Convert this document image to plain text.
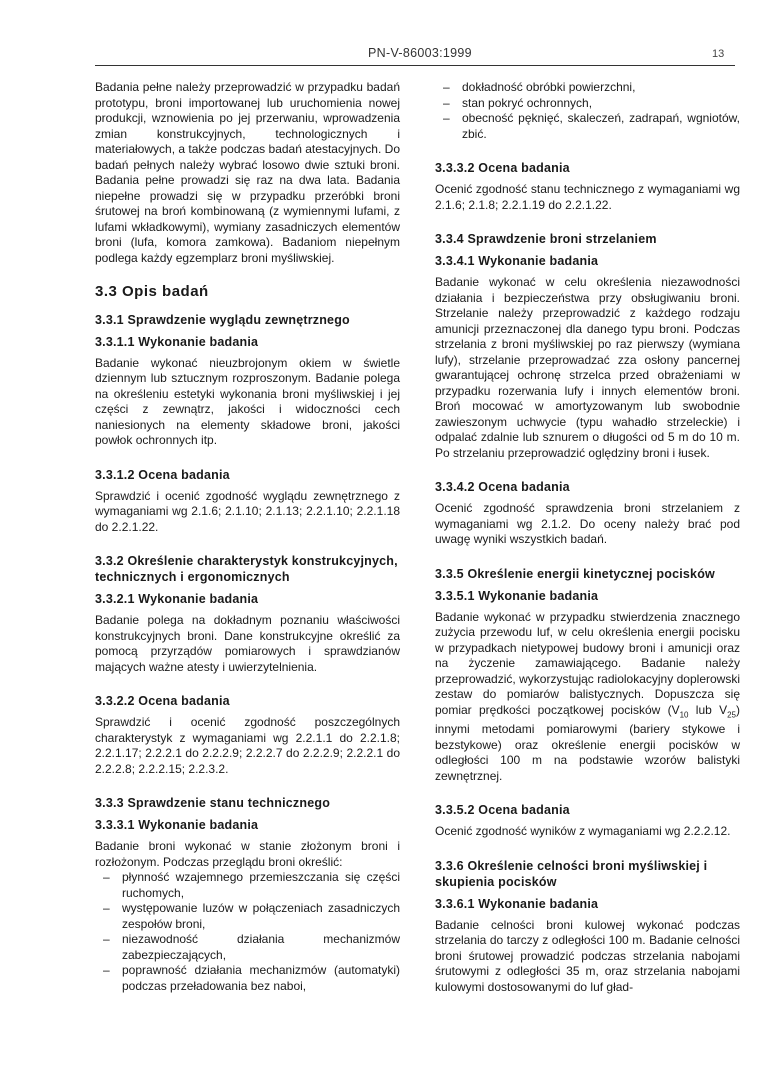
PN-V-86003:1999	13

Badania pełne należy przeprowadzić w przypadku badań prototypu, broni importowanej lub uruchomienia nowej produkcji, wznowienia po jej przerwaniu, wprowadzenia zmian konstrukcyjnych, technologicznych i materiałowych, a także podczas badań atestacyjnych. Do badań pełnych należy wybrać losowo dwie sztuki broni. Badania pełne prowadzi się raz na dwa lata. Badania niepełne prowadzi się w przypadku przeróbki broni śrutowej na broń kombinowaną (z wymiennymi lufami, z lufami wkładkowymi), wymiany zasadniczych elementów broni (lufa, komora zamkowa). Badaniom niepełnym podlega każdy egzemplarz broni myśliwskiej.

3.3 Opis badań
3.3.1 Sprawdzenie wyglądu zewnętrznego
3.3.1.1 Wykonanie badania

Badanie wykonać nieuzbrojonym okiem w świetle dziennym lub sztucznym rozproszonym. Badanie polega na określeniu estetyki wykonania broni myśliwskiej i jej części z zewnątrz, jakości i widoczności cech naniesionych na elementy składowe broni, jakości powłok ochronnych itp.

3.3.1.2 Ocena badania

Sprawdzić i ocenić zgodność wyglądu zewnętrznego z wymaganiami wg 2.1.6; 2.1.10; 2.1.13; 2.2.1.10; 2.2.1.18 do 2.2.1.22.

3.3.2 Określenie charakterystyk konstrukcyjnych, technicznych i ergonomicznych
3.3.2.1 Wykonanie badania

Badanie polega na dokładnym poznaniu właściwości konstrukcyjnych broni. Dane konstrukcyjne określić za pomocą przyrządów pomiarowych i sprawdzianów mających ważne atesty i uwierzytelnienia.

3.3.2.2 Ocena badania

Sprawdzić i ocenić zgodność poszczególnych charakterystyk z wymaganiami wg 2.2.1.1 do 2.2.1.8; 2.2.1.17; 2.2.2.1 do 2.2.2.9; 2.2.2.7 do 2.2.2.9; 2.2.2.1 do 2.2.2.8; 2.2.2.15; 2.2.3.2.

3.3.3 Sprawdzenie stanu technicznego
3.3.3.1 Wykonanie badania

Badanie broni wykonać w stanie złożonym broni i rozłożonym. Podczas przeglądu broni określić:

– płynność wzajemnego przemieszczania się części ruchomych,
– występowanie luzów w połączeniach zasadniczych zespołów broni,
– niezawodność działania mechanizmów zabezpieczających,
– poprawność działania mechanizmów (automatyki) podczas przeładowania bez naboi,
– dokładność obróbki powierzchni,
– stan pokryć ochronnych,
– obecność pęknięć, skaleczeń, zadrapań, wgniotów, zbić.
3.3.3.2 Ocena badania

Ocenić zgodność stanu technicznego z wymaganiami wg 2.1.6; 2.1.8; 2.2.1.19 do 2.2.1.22.

3.3.4 Sprawdzenie broni strzelaniem
3.3.4.1 Wykonanie badania

Badanie wykonać w celu określenia niezawodności działania i bezpieczeństwa przy obsługiwaniu broni. Strzelanie należy przeprowadzić z każdego rodzaju amunicji przeznaczonej dla danego typu broni. Podczas strzelania z broni myśliwskiej po raz pierwszy (wymiana lufy), strzelanie przeprowadzać zza osłony pancernej gwarantującej ochronę strzelca przed obrażeniami w przypadku rozerwania lufy i innych elementów broni. Broń mocować w amortyzowanym lub swobodnie zawieszonym uchwycie (typu wahadło strzeleckie) i odpalać zdalnie lub sznurem o długości od 5 m do 10 m. Po strzelaniu przeprowadzić oględziny broni i łusek.

3.3.4.2 Ocena badania

Ocenić zgodność sprawdzenia broni strzelaniem z wymaganiami wg 2.1.2. Do oceny należy brać pod uwagę wyniki wszystkich badań.

3.3.5 Określenie energii kinetycznej pocisków
3.3.5.1 Wykonanie badania

Badanie wykonać w przypadku stwierdzenia znacznego zużycia przewodu luf, w celu określenia energii pocisku w przypadkach nietypowej budowy broni i amunicji oraz na życzenie zamawiającego. Badanie należy przeprowadzić, wykorzystując radiolokacyjny doplerowski zestaw do pomiarów balistycznych. Dopuszcza się pomiar prędkości początkowej pocisków ($V_{10}$ lub $V_{25}$) innymi metodami pomiarowymi (bariery stykowe i bezstykowe) oraz określenie energii pocisków w odległości 100 m na podstawie wzorów balistyki zewnętrznej.

3.3.5.2 Ocena badania

Ocenić zgodność wyników z wymaganiami wg 2.2.2.12.

3.3.6 Określenie celności broni myśliwskiej i skupienia pocisków
3.3.6.1 Wykonanie badania

Badanie celności broni kulowej wykonać podczas strzelania do tarczy z odległości 100 m. Badanie celności broni śrutowej prowadzić podczas strzelania nabojami śrutowymi z odległości 35 m, oraz strzelania nabojami kulowymi dostosowanymi do luf gład-
